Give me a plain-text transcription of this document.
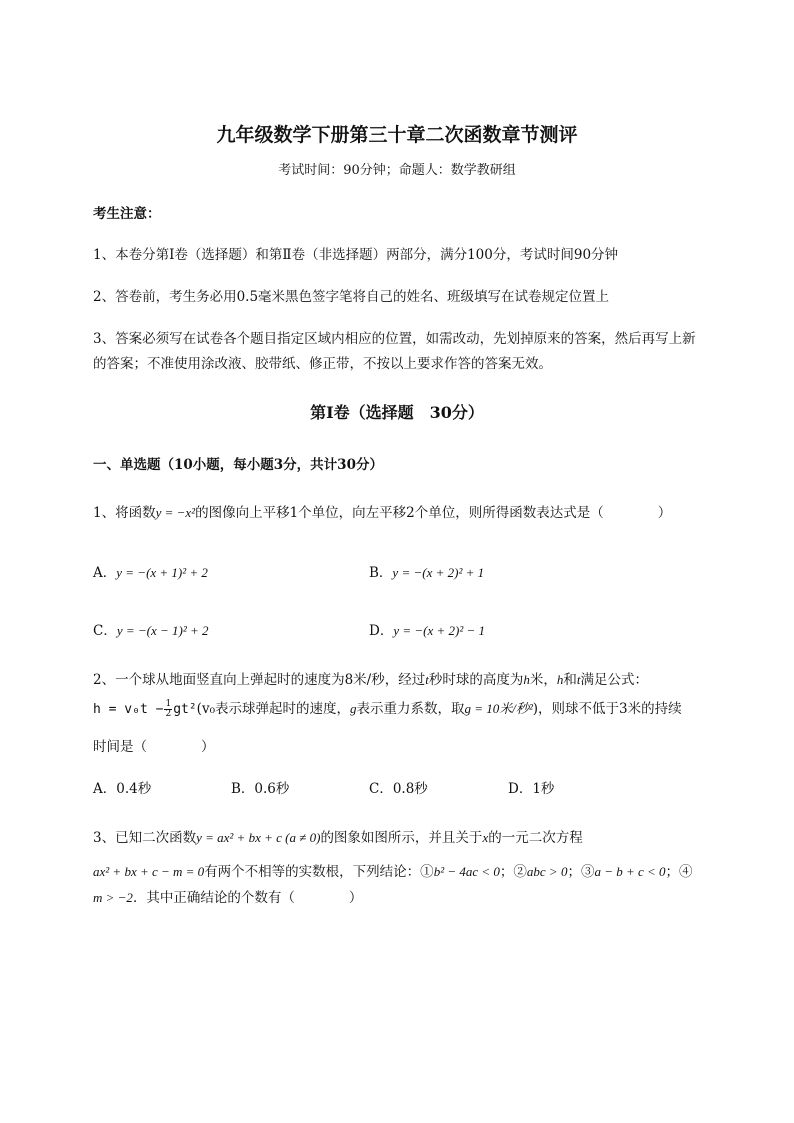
九年级数学下册第三十章二次函数章节测评
考试时间：90分钟；命题人：数学教研组
考生注意：
1、本卷分第I卷（选择题）和第Ⅱ卷（非选择题）两部分，满分100分，考试时间90分钟
2、答卷前，考生务必用0.5毫米黑色签字笔将自己的姓名、班级填写在试卷规定位置上
3、答案必须写在试卷各个题目指定区域内相应的位置，如需改动，先划掉原来的答案，然后再写上新
的答案；不准使用涂改液、胶带纸、修正带，不按以上要求作答的答案无效。
第I卷（选择题　30分）
一、单选题（10小题，每小题3分，共计30分）
1、将函数y = −x²的图像向上平移1个单位，向左平移2个单位，则所得函数表达式是（　　　　）
A．y = −(x + 1)² + 2	B．y = −(x + 2)² + 1
C．y = −(x − 1)² + 2	D．y = −(x + 2)² − 1
2、一个球从地面竖直向上弹起时的速度为8米/秒，经过t秒时球的高度为h米，h和t满足公式：
$h = v_0t - \frac{1}{2} gt^2(v_0$表示球弹起时的速度，g表示重力系数，取g = 10米/秒²)，则球不低于3米的持续
时间是（　　　　）
A．0.4秒	B．0.6秒	C．0.8秒	D．1秒
3、已知二次函数y = ax² + bx + c (a ≠ 0)的图象如图所示，并且关于x的一元二次方程
ax² + bx + c − m = 0有两个不相等的实数根，下列结论：①b² − 4ac < 0；②abc > 0；③a − b + c < 0；④
m > −2．其中正确结论的个数有（　　　　）
